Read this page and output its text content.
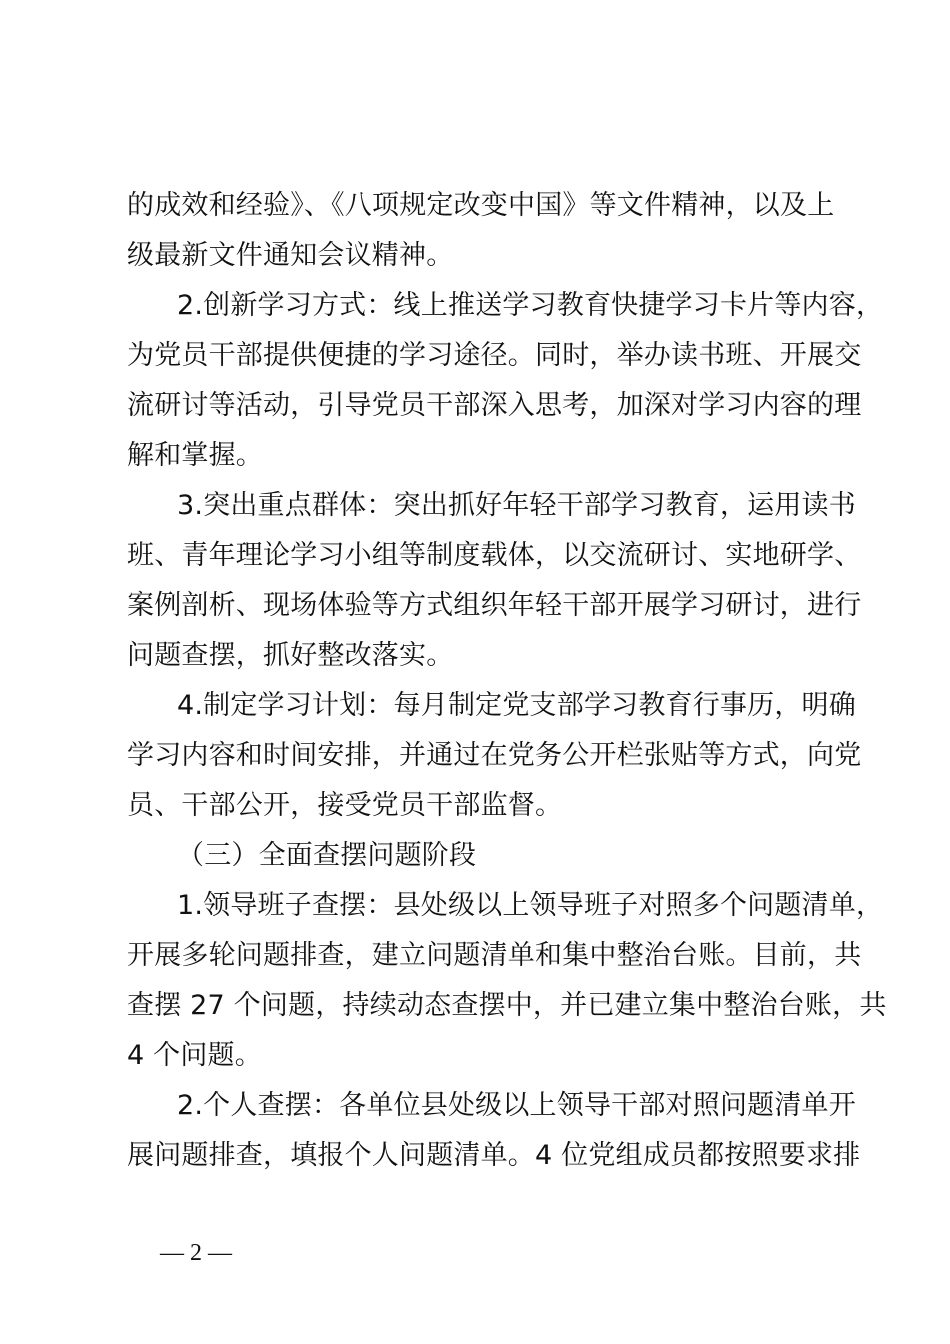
的成效和经验》、《八项规定改变中国》等文件精神，以及上
级最新文件通知会议精神。
2.创新学习方式：线上推送学习教育快捷学习卡片等内容，
为党员干部提供便捷的学习途径。同时，举办读书班、开展交
流研讨等活动，引导党员干部深入思考，加深对学习内容的理
解和掌握。
3.突出重点群体：突出抓好年轻干部学习教育，运用读书
班、青年理论学习小组等制度载体，以交流研讨、实地研学、
案例剖析、现场体验等方式组织年轻干部开展学习研讨，进行
问题查摆，抓好整改落实。
4.制定学习计划：每月制定党支部学习教育行事历，明确
学习内容和时间安排，并通过在党务公开栏张贴等方式，向党
员、干部公开，接受党员干部监督。
（三）全面查摆问题阶段
1.领导班子查摆：县处级以上领导班子对照多个问题清单，
开展多轮问题排查，建立问题清单和集中整治台账。目前，共
查摆 27 个问题，持续动态查摆中，并已建立集中整治台账，共
4 个问题。
2.个人查摆：各单位县处级以上领导干部对照问题清单开
展问题排查，填报个人问题清单。4 位党组成员都按照要求排
— 2 —
